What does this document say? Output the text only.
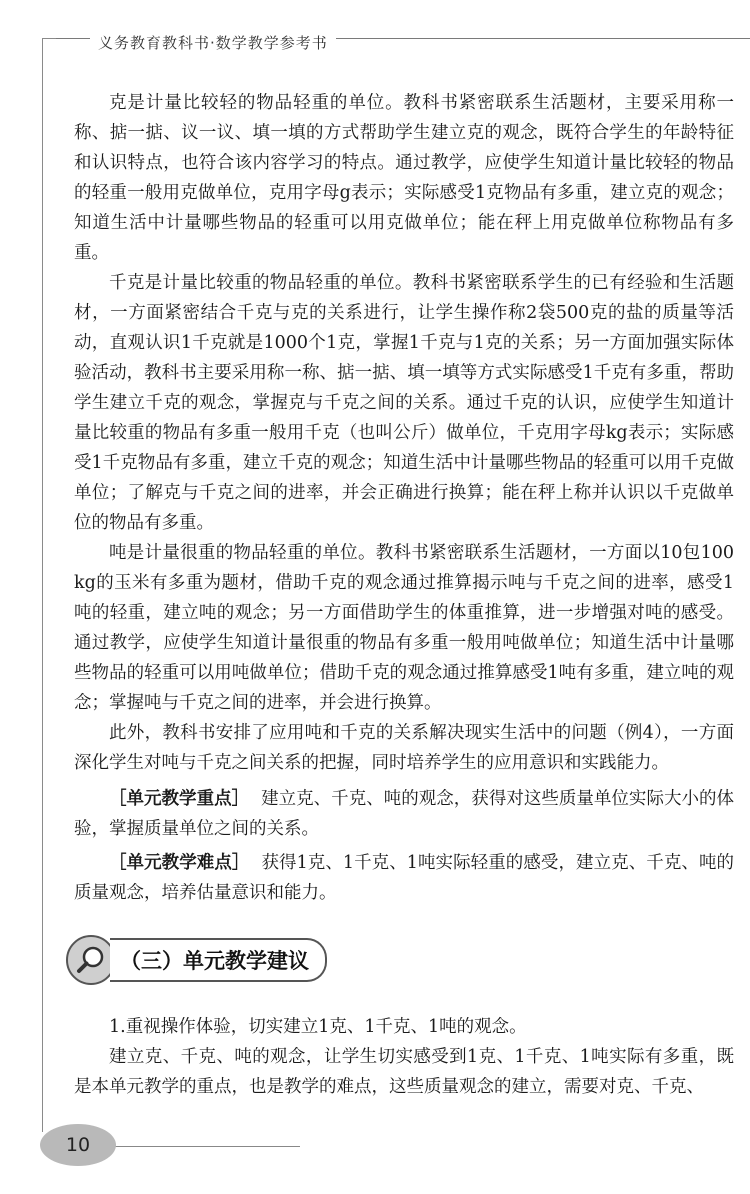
义务教育教科书·数学教学参考书

克是计量比较轻的物品轻重的单位。教科书紧密联系生活题材，主要采用称一称、掂一掂、议一议、填一填的方式帮助学生建立克的观念，既符合学生的年龄特征和认识特点，也符合该内容学习的特点。通过教学，应使学生知道计量比较轻的物品的轻重一般用克做单位，克用字母g表示；实际感受1克物品有多重，建立克的观念；知道生活中计量哪些物品的轻重可以用克做单位；能在秤上用克做单位称物品有多重。

千克是计量比较重的物品轻重的单位。教科书紧密联系学生的已有经验和生活题材，一方面紧密结合千克与克的关系进行，让学生操作称2袋500克的盐的质量等活动，直观认识1千克就是1000个1克，掌握1千克与1克的关系；另一方面加强实际体验活动，教科书主要采用称一称、掂一掂、填一填等方式实际感受1千克有多重，帮助学生建立千克的观念，掌握克与千克之间的关系。通过千克的认识，应使学生知道计量比较重的物品有多重一般用千克（也叫公斤）做单位，千克用字母kg表示；实际感受1千克物品有多重，建立千克的观念；知道生活中计量哪些物品的轻重可以用千克做单位；了解克与千克之间的进率，并会正确进行换算；能在秤上称并认识以千克做单位的物品有多重。

吨是计量很重的物品轻重的单位。教科书紧密联系生活题材，一方面以10包100 kg的玉米有多重为题材，借助千克的观念通过推算揭示吨与千克之间的进率，感受1吨的轻重，建立吨的观念；另一方面借助学生的体重推算，进一步增强对吨的感受。通过教学，应使学生知道计量很重的物品有多重一般用吨做单位；知道生活中计量哪些物品的轻重可以用吨做单位；借助千克的观念通过推算感受1吨有多重，建立吨的观念；掌握吨与千克之间的进率，并会进行换算。

此外，教科书安排了应用吨和千克的关系解决现实生活中的问题（例4），一方面深化学生对吨与千克之间关系的把握，同时培养学生的应用意识和实践能力。

［单元教学重点］ 建立克、千克、吨的观念，获得对这些质量单位实际大小的体验，掌握质量单位之间的关系。

［单元教学难点］ 获得1克、1千克、1吨实际轻重的感受，建立克、千克、吨的质量观念，培养估量意识和能力。

（三）单元教学建议

1.重视操作体验，切实建立1克、1千克、1吨的观念。

建立克、千克、吨的观念，让学生切实感受到1克、1千克、1吨实际有多重，既是本单元教学的重点，也是教学的难点，这些质量观念的建立，需要对克、千克、

10
